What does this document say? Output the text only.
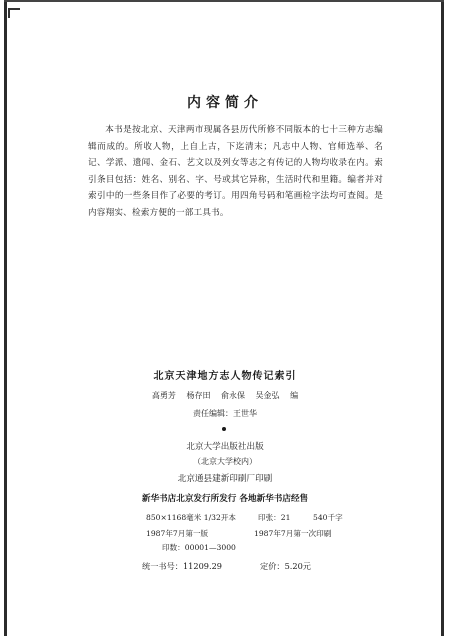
内容简介

本书是按北京、天津两市现属各县历代所修不同版本的七十三种方志编辑而成的。所收人物，上自上古，下迄清末；凡志中人物、官师选举、名记、学派、遗闻、金石、艺文以及列女等志之有传记的人物均收录在内。索引条目包括：姓名、别名、字、号或其它异称，生活时代和里籍。编者并对索引中的一些条目作了必要的考订。用四角号码和笔画检字法均可查阅。是内容翔实、检索方便的一部工具书。

北京天津地方志人物传记索引
高勇芳 杨存田 俞永保 吴金弘 编
责任编辑：王世华
北京大学出版社出版
（北京大学校内）
北京通县建新印刷厂印刷
新华书店北京发行所发行 各地新华书店经售
850×1168毫米 1/32开本	印张：21	540千字
1987年7月第一版	1987年7月第一次印刷
印数：00001—3000
统一书号：11209.29	定价：5.20元
